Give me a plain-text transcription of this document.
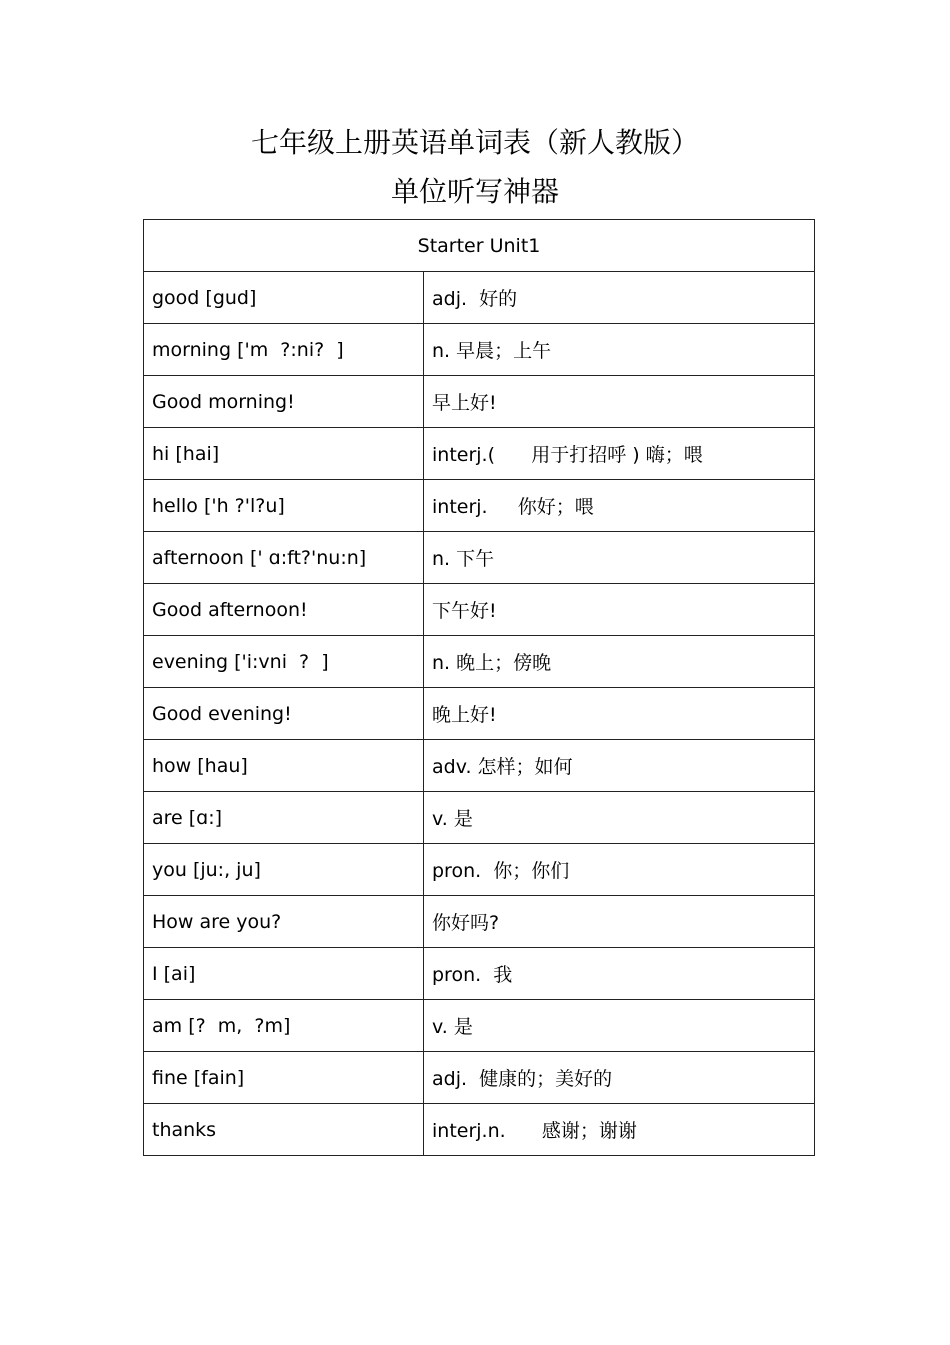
七年级上册英语单词表（新人教版）
单位听写神器
Starter Unit1	
good [gud]	adj.  好的
morning ['m  ?:ni?  ]	n. 早晨；上午
Good morning!	早上好!
hi [hai]	interj.(      用于打招呼 ) 嗨；喂
hello ['h ?'l?u]	interj.     你好；喂
afternoon [' ɑ:ft?'nu:n]	n. 下午
Good afternoon!	下午好!
evening ['i:vni  ?  ]	n. 晚上；傍晚
Good evening!	晚上好!
how [hau]	adv. 怎样；如何
are [ɑ:]	v. 是
you [ju:, ju]	pron.  你；你们
How are you?	你好吗?
I [ai]	pron.  我
am [?  m,  ?m]	v. 是
fine [fain]	adj.  健康的；美好的
thanks	interj.n.      感谢；谢谢
